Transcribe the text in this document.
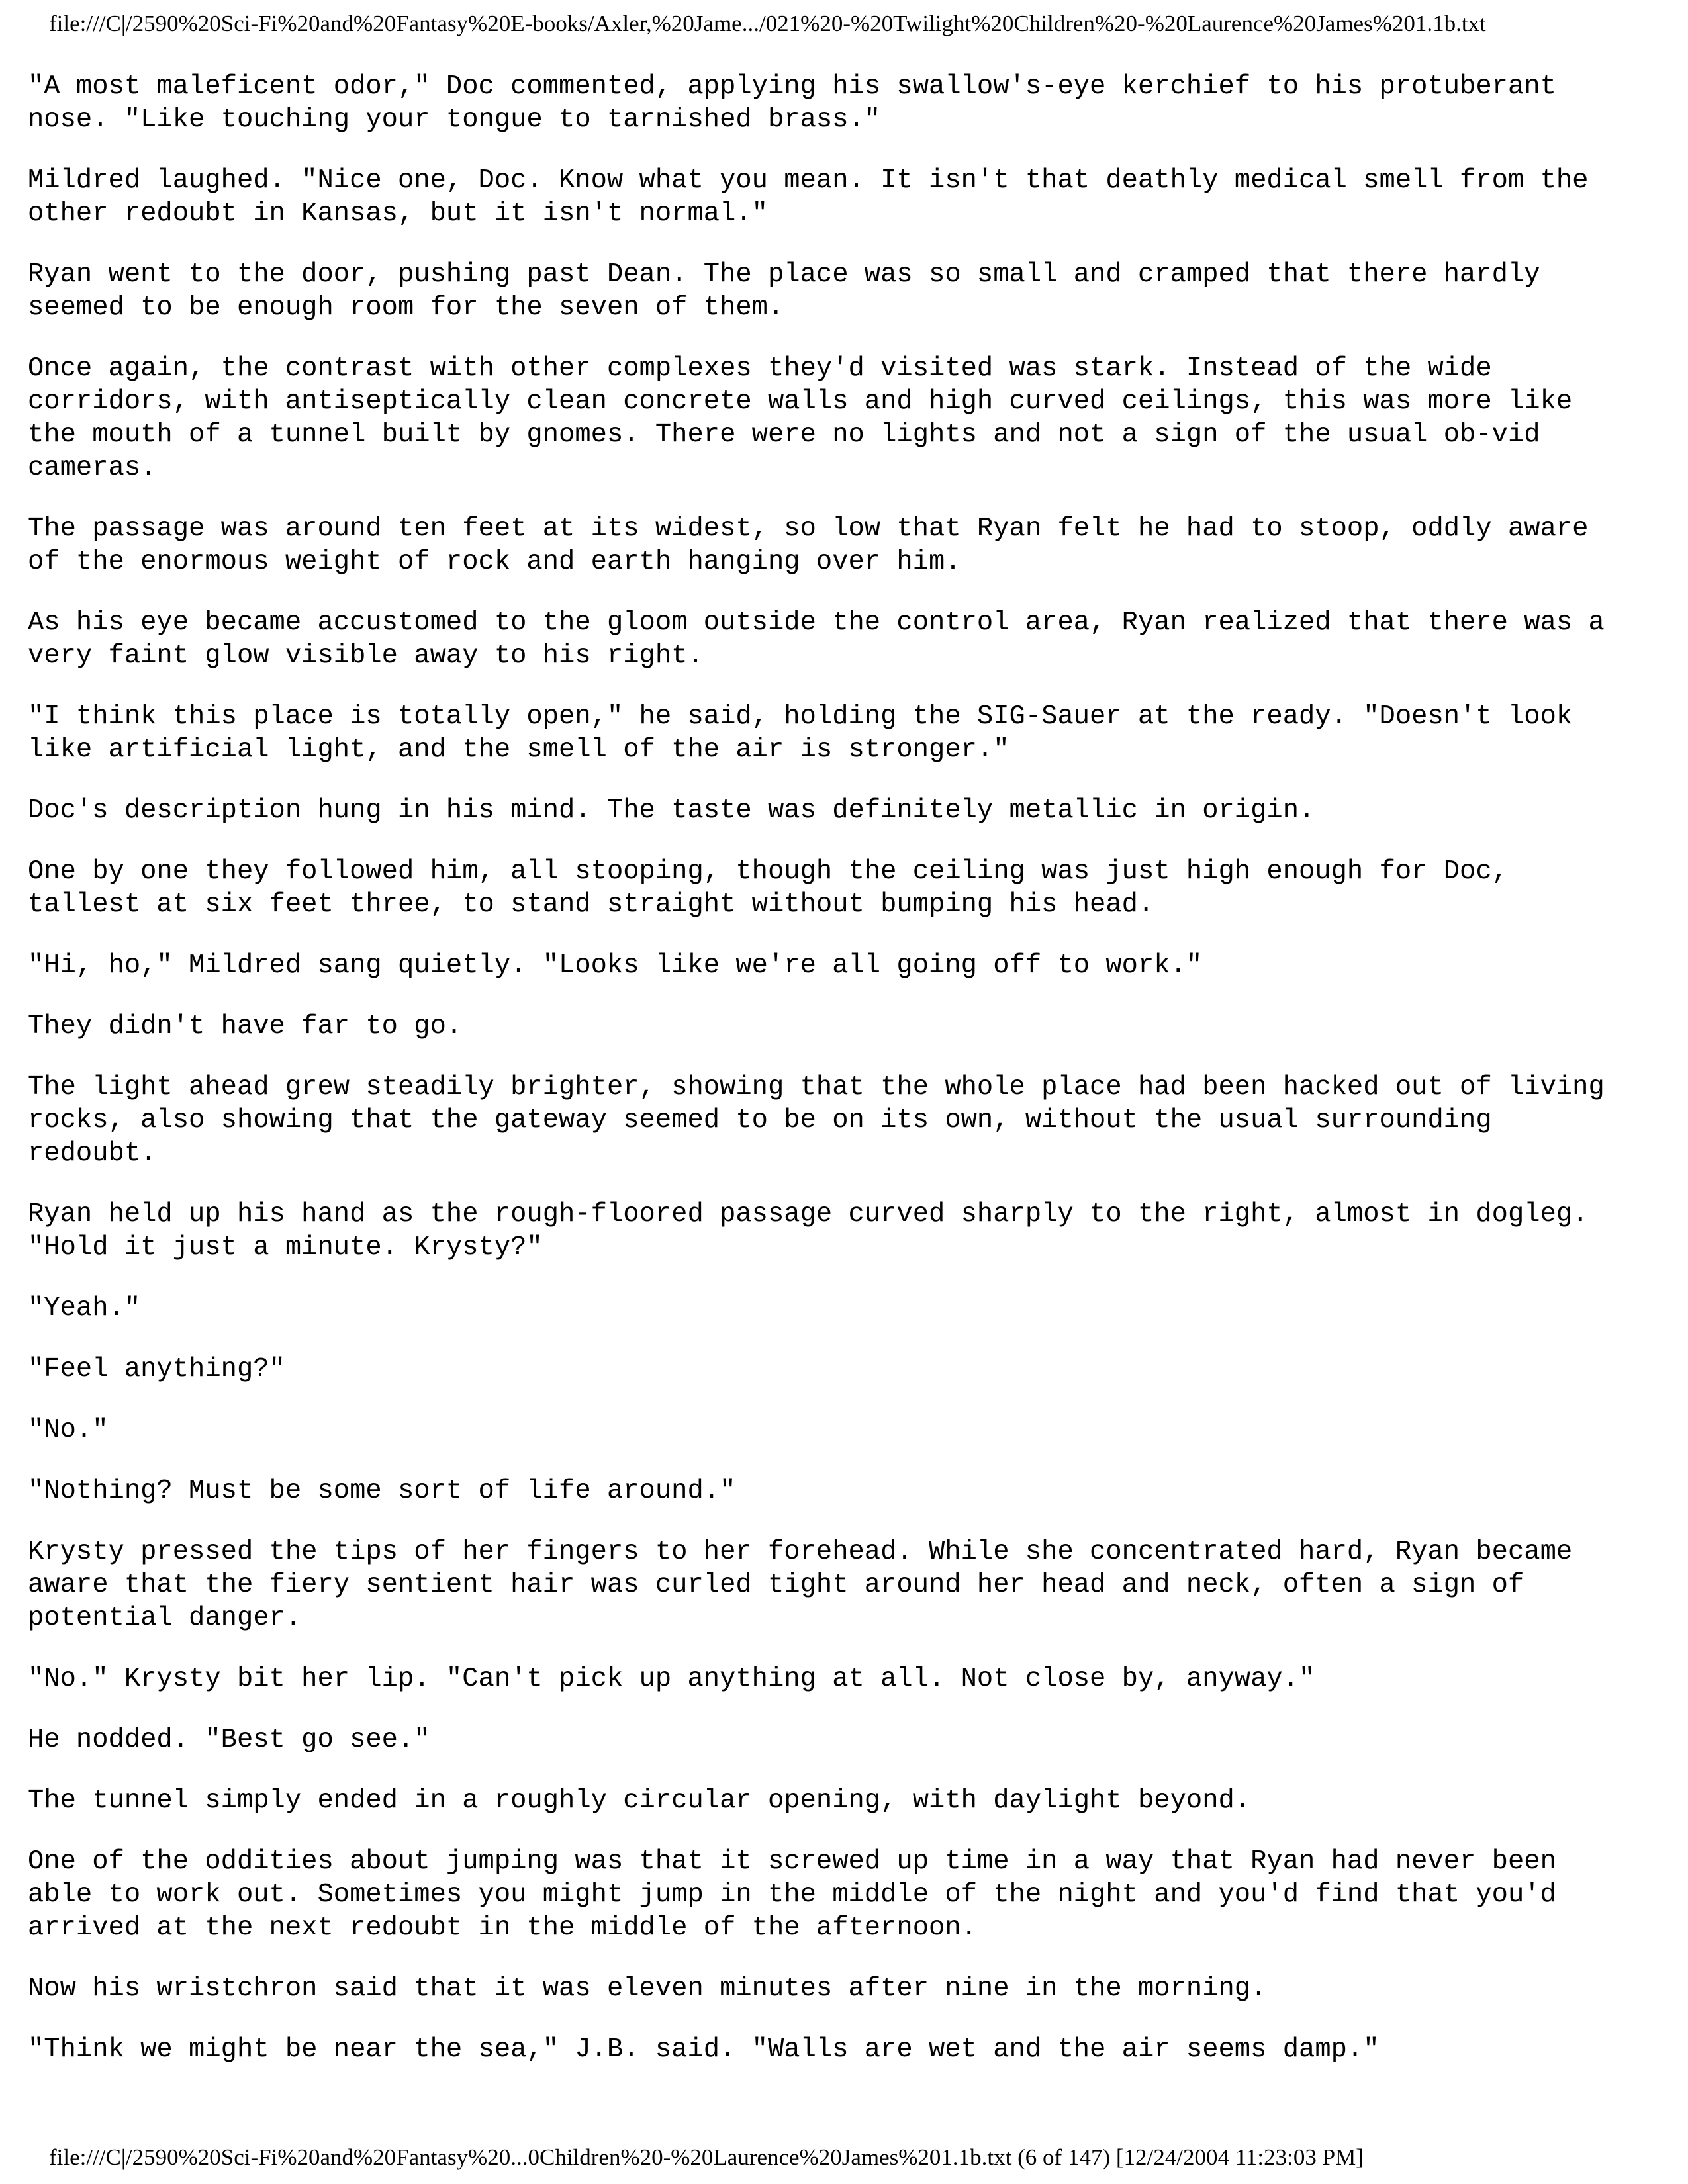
file:///C|/2590%20Sci-Fi%20and%20Fantasy%20E-books/Axler,%20Jame.../021%20-%20Twilight%20Children%20-%20Laurence%20James%201.1b.txt

"A most maleficent odor," Doc commented, applying his swallow's-eye kerchief to his protuberant
nose. "Like touching your tongue to tarnished brass."

Mildred laughed. "Nice one, Doc. Know what you mean. It isn't that deathly medical smell from the
other redoubt in Kansas, but it isn't normal."

Ryan went to the door, pushing past Dean. The place was so small and cramped that there hardly
seemed to be enough room for the seven of them.

Once again, the contrast with other complexes they'd visited was stark. Instead of the wide
corridors, with antiseptically clean concrete walls and high curved ceilings, this was more like
the mouth of a tunnel built by gnomes. There were no lights and not a sign of the usual ob-vid
cameras.

The passage was around ten feet at its widest, so low that Ryan felt he had to stoop, oddly aware
of the enormous weight of rock and earth hanging over him.

As his eye became accustomed to the gloom outside the control area, Ryan realized that there was a
very faint glow visible away to his right.

"I think this place is totally open," he said, holding the SIG-Sauer at the ready. "Doesn't look
like artificial light, and the smell of the air is stronger."

Doc's description hung in his mind. The taste was definitely metallic in origin.

One by one they followed him, all stooping, though the ceiling was just high enough for Doc,
tallest at six feet three, to stand straight without bumping his head.

"Hi, ho," Mildred sang quietly. "Looks like we're all going off to work."

They didn't have far to go.

The light ahead grew steadily brighter, showing that the whole place had been hacked out of living
rocks, also showing that the gateway seemed to be on its own, without the usual surrounding
redoubt.

Ryan held up his hand as the rough-floored passage curved sharply to the right, almost in dogleg.
"Hold it just a minute. Krysty?"

"Yeah."

"Feel anything?"

"No."

"Nothing? Must be some sort of life around."

Krysty pressed the tips of her fingers to her forehead. While she concentrated hard, Ryan became
aware that the fiery sentient hair was curled tight around her head and neck, often a sign of
potential danger.

"No." Krysty bit her lip. "Can't pick up anything at all. Not close by, anyway."

He nodded. "Best go see."

The tunnel simply ended in a roughly circular opening, with daylight beyond.

One of the oddities about jumping was that it screwed up time in a way that Ryan had never been
able to work out. Sometimes you might jump in the middle of the night and you'd find that you'd
arrived at the next redoubt in the middle of the afternoon.

Now his wristchron said that it was eleven minutes after nine in the morning.

"Think we might be near the sea," J.B. said. "Walls are wet and the air seems damp."

file:///C|/2590%20Sci-Fi%20and%20Fantasy%20...0Children%20-%20Laurence%20James%201.1b.txt (6 of 147) [12/24/2004 11:23:03 PM]
